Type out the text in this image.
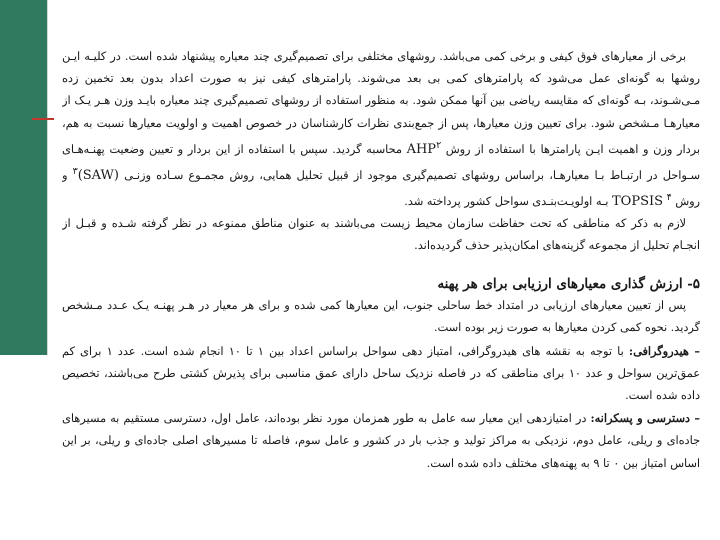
برخی از معیارهای فوق کیفی و برخی کمی می‌باشد. روشهای مختلفی برای تصمیم‌گیری چند معیاره پیشنهاد شده است. در کلیـه ایـن روشها به گونه‌ای عمل می‌شود که پارامترهای کمی بی بعد می‌شوند. پارامترهای کیفی نیز به صورت اعداد بدون بعد تخمین زده مـی‌شـوند، بـه گونه‌ای که مقایسه ریاضی بین آنها ممکن شود. به منظور استفاده از روشهای تصمیم‌گیری چند معیاره بایـد وزن هـر یـک از معیارهـا مـشخص شود. برای تعیین وزن معیارها، پس از جمع‌بندی نظرات کارشناسان در خصوص اهمیت و اولویت معیارها نسبت به هم، بردار وزن و اهمیت ایـن پارامترها با استفاده از روش AHP$^۲$ محاسبه گردید. سپس با استفاده از این بردار و تعیین وضعیت پهنـه‌هـای سـواحل در ارتبـاط بـا معیارهـا، براساس روشهای تصمیم‌گیری موجود از قبیل تحلیل همایی، روش مجمـوع سـاده وزنـی (SAW)$^۳$ و روش TOPSIS $^۴$ بـه اولویـت‌بنـدی سواحل کشور پرداخته شد.

لازم به ذکر که مناطقی که تحت حفاظت سازمان محیط زیست می‌باشند به عنوان مناطق ممنوعه در نظر گرفته شـده و قبـل از انجـام تحلیل از مجموعه گزینه‌های امکان‌پذیر حذف گردیده‌اند.

۵- ارزش گذاری معیارهای ارزیابی برای هر پهنه

پس از تعیین معیارهای ارزیابی در امتداد خط ساحلی جنوب، این معیارها کمی شده و برای هر معیار در هـر پهنـه یـک عـدد مـشخص گردید. نحوه کمی کردن معیارها به صورت زیر بوده است.

– هیدروگرافی: با توجه به نقشه های هیدروگرافی، امتیاز دهی سواحل براساس اعداد بین ۱ تا ۱۰ انجام شده است. عدد ۱ برای کم عمق‌ترین سواحل و عدد ۱۰ برای مناطقی که در فاصله نزدیک ساحل دارای عمق مناسبی برای پذیرش کشتی طرح می‌باشند، تخصیص داده شده است.

– دسترسی و پسکرانه: در امتیازدهی این معیار سه عامل به طور همزمان مورد نظر بوده‌اند، عامل اول، دسترسی مستقیم به مسیرهای جاده‌ای و ریلی، عامل دوم، نزدیکی به مراکز تولید و جذب بار در کشور و عامل سوم، فاصله تا مسیرهای اصلی جاده‌ای و ریلی، بر این اساس امتیاز بین ۰ تا ۹ به پهنه‌های مختلف داده شده است.
